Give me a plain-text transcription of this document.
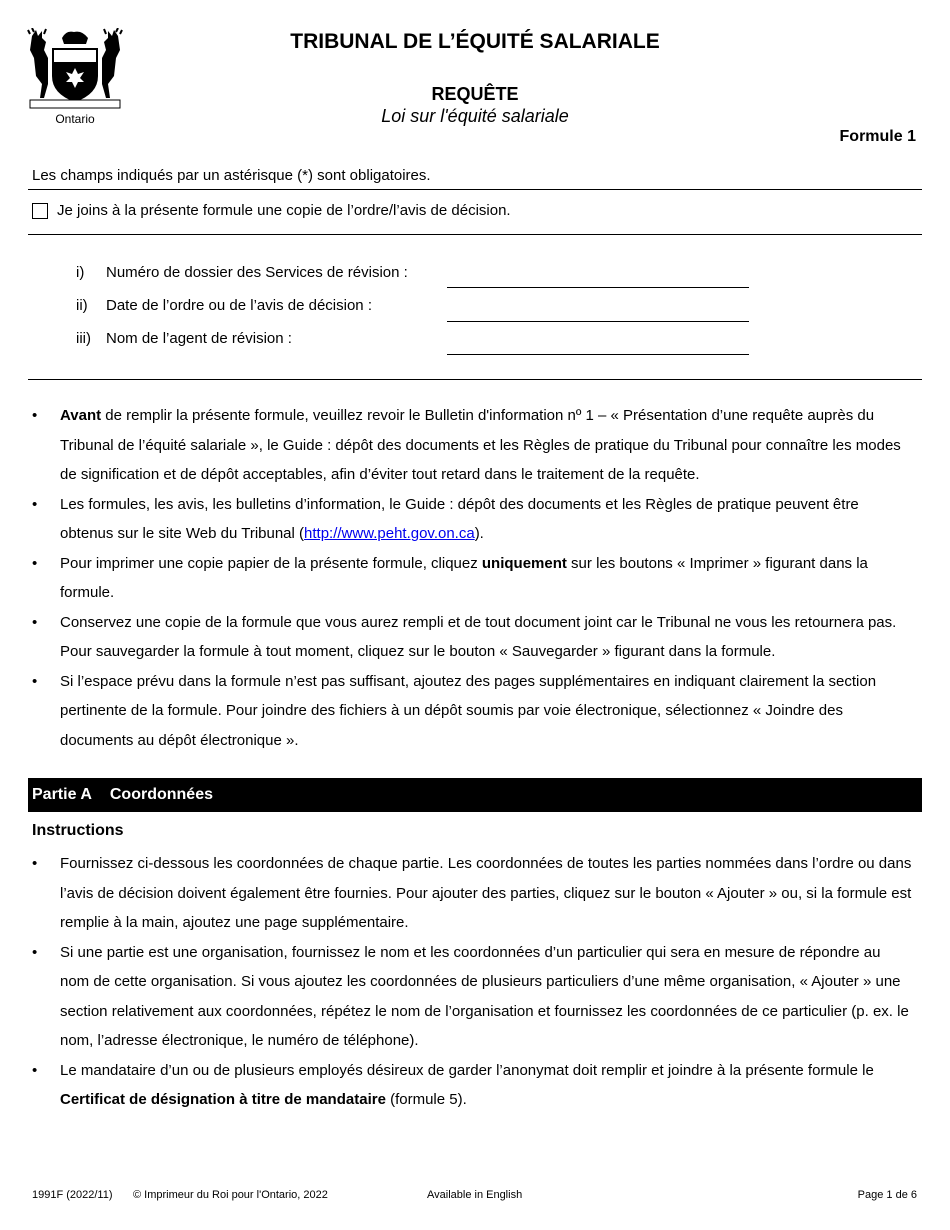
Ontario
TRIBUNAL DE L’ÉQUITÉ SALARIALE
REQUÊTE
Loi sur l'équité salariale
Formule 1
Les champs indiqués par un astérisque (*) sont obligatoires.
Je joins à la présente formule une copie de l’ordre/l’avis de décision.
i) Numéro de dossier des Services de révision :
ii) Date de l’ordre ou de l’avis de décision :
iii) Nom de l’agent de révision :
• Avant de remplir la présente formule, veuillez revoir le Bulletin d'information nº 1 – « Présentation d’une requête auprès du Tribunal de l’équité salariale », le Guide : dépôt des documents et les Règles de pratique du Tribunal pour connaître les modes de signification et de dépôt acceptables, afin d’éviter tout retard dans le traitement de la requête.
• Les formules, les avis, les bulletins d’information, le Guide : dépôt des documents et les Règles de pratique peuvent être obtenus sur le site Web du Tribunal (http://www.peht.gov.on.ca).
• Pour imprimer une copie papier de la présente formule, cliquez uniquement sur les boutons « Imprimer » figurant dans la formule.
• Conservez une copie de la formule que vous aurez rempli et de tout document joint car le Tribunal ne vous les retournera pas. Pour sauvegarder la formule à tout moment, cliquez sur le bouton « Sauvegarder » figurant dans la formule.
• Si l’espace prévu dans la formule n’est pas suffisant, ajoutez des pages supplémentaires en indiquant clairement la section pertinente de la formule. Pour joindre des fichiers à un dépôt soumis par voie électronique, sélectionnez « Joindre des documents au dépôt électronique ».
Partie A Coordonnées
Instructions
• Fournissez ci-dessous les coordonnées de chaque partie. Les coordonnées de toutes les parties nommées dans l’ordre ou dans l’avis de décision doivent également être fournies. Pour ajouter des parties, cliquez sur le bouton « Ajouter » ou, si la formule est remplie à la main, ajoutez une page supplémentaire.
• Si une partie est une organisation, fournissez le nom et les coordonnées d’un particulier qui sera en mesure de répondre au nom de cette organisation. Si vous ajoutez les coordonnées de plusieurs particuliers d’une même organisation, « Ajouter » une section relativement aux coordonnées, répétez le nom de l’organisation et fournissez les coordonnées de ce particulier (p. ex. le nom, l’adresse électronique, le numéro de téléphone).
• Le mandataire d’un ou de plusieurs employés désireux de garder l’anonymat doit remplir et joindre à la présente formule le Certificat de désignation à titre de mandataire (formule 5).
1991F (2022/11) © Imprimeur du Roi pour l'Ontario, 2022	Available in English	Page 1 de 6
